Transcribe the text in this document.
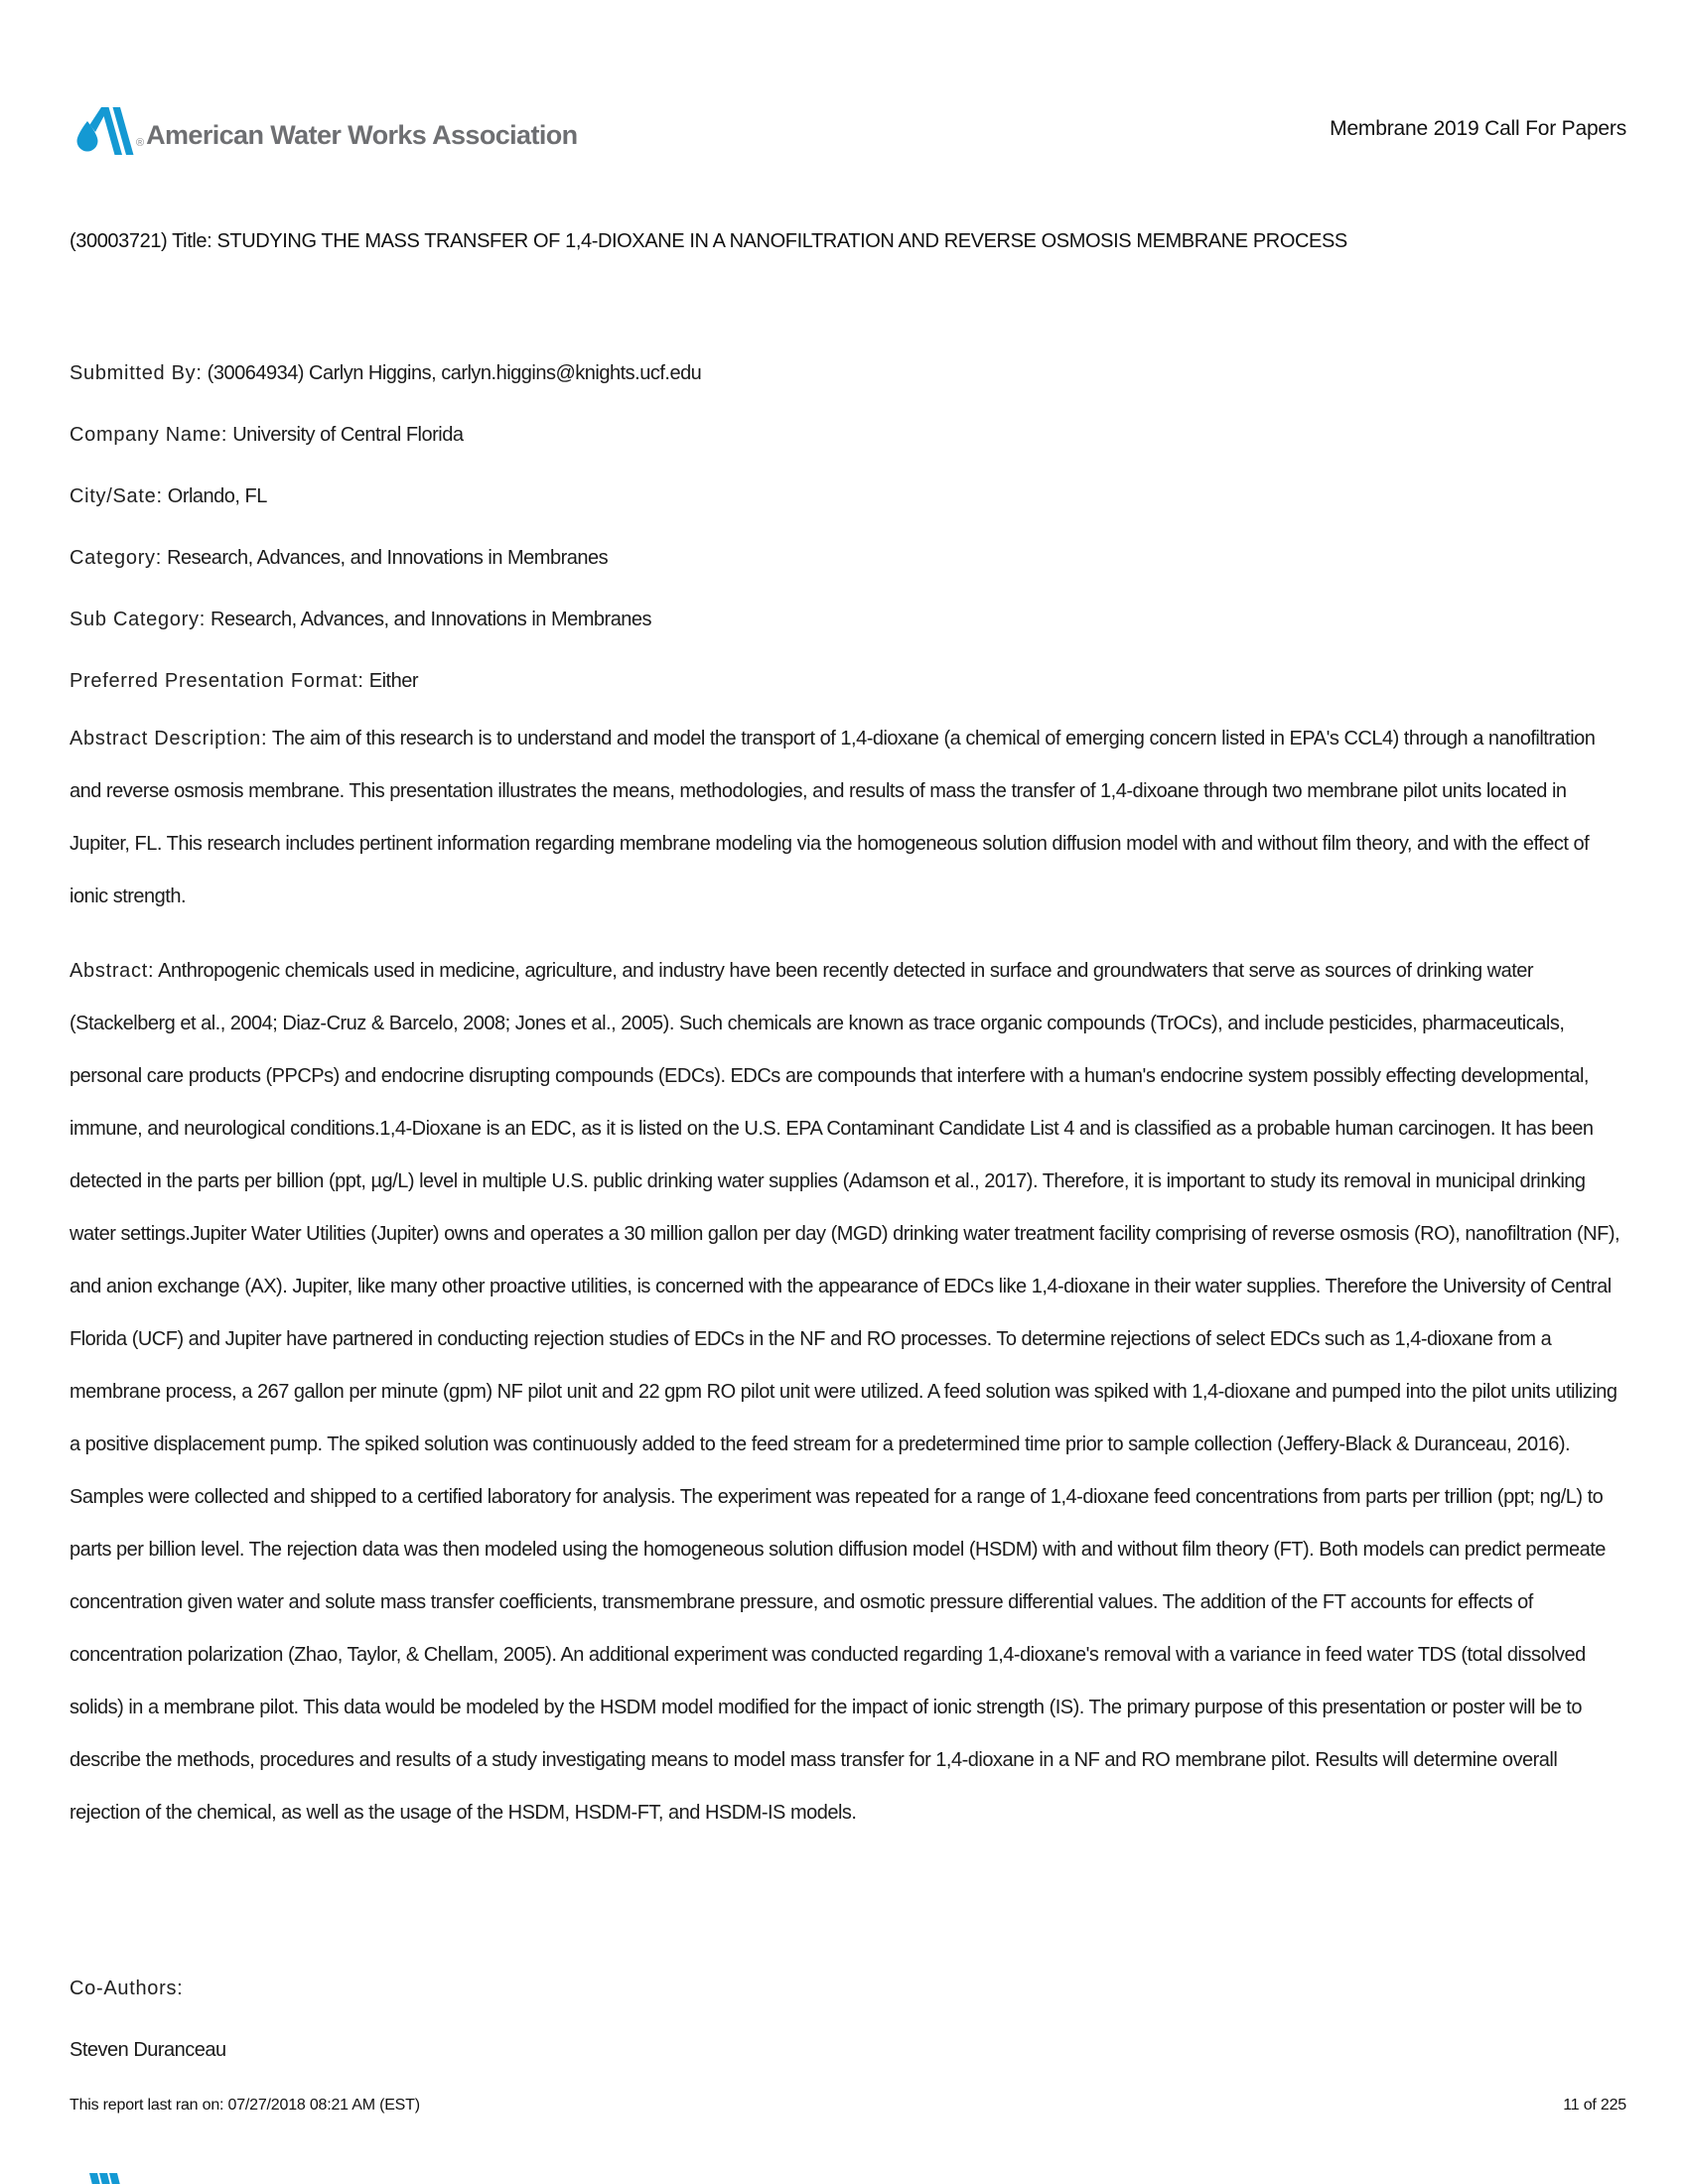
® American Water Works Association	Membrane 2019 Call For Papers
(30003721) Title: STUDYING THE MASS TRANSFER OF 1,4-DIOXANE IN A NANOFILTRATION AND REVERSE OSMOSIS MEMBRANE PROCESS
Submitted By: (30064934) Carlyn Higgins, carlyn.higgins@knights.ucf.edu
Company Name: University of Central Florida
City/Sate: Orlando, FL
Category: Research, Advances, and Innovations in Membranes
Sub Category: Research, Advances, and Innovations in Membranes
Preferred Presentation Format: Either
Abstract Description: The aim of this research is to understand and model the transport of 1,4-dioxane (a chemical of emerging concern listed in EPA's CCL4) through a nanofiltration and reverse osmosis membrane. This presentation illustrates the means, methodologies, and results of mass the transfer of 1,4-dixoane through two membrane pilot units located in Jupiter, FL. This research includes pertinent information regarding membrane modeling via the homogeneous solution diffusion model with and without film theory, and with the effect of ionic strength.
Abstract: Anthropogenic chemicals used in medicine, agriculture, and industry have been recently detected in surface and groundwaters that serve as sources of drinking water (Stackelberg et al., 2004; Diaz-Cruz & Barcelo, 2008; Jones et al., 2005). Such chemicals are known as trace organic compounds (TrOCs), and include pesticides, pharmaceuticals, personal care products (PPCPs) and endocrine disrupting compounds (EDCs). EDCs are compounds that interfere with a human's endocrine system possibly effecting developmental, immune, and neurological conditions.1,4-Dioxane is an EDC, as it is listed on the U.S. EPA Contaminant Candidate List 4 and is classified as a probable human carcinogen. It has been detected in the parts per billion (ppt, µg/L) level in multiple U.S. public drinking water supplies (Adamson et al., 2017). Therefore, it is important to study its removal in municipal drinking water settings.Jupiter Water Utilities (Jupiter) owns and operates a 30 million gallon per day (MGD) drinking water treatment facility comprising of reverse osmosis (RO), nanofiltration (NF), and anion exchange (AX). Jupiter, like many other proactive utilities, is concerned with the appearance of EDCs like 1,4-dioxane in their water supplies. Therefore the University of Central Florida (UCF) and Jupiter have partnered in conducting rejection studies of EDCs in the NF and RO processes. To determine rejections of select EDCs such as 1,4-dioxane from a membrane process, a 267 gallon per minute (gpm) NF pilot unit and 22 gpm RO pilot unit were utilized. A feed solution was spiked with 1,4-dioxane and pumped into the pilot units utilizing a positive displacement pump. The spiked solution was continuously added to the feed stream for a predetermined time prior to sample collection (Jeffery-Black & Duranceau, 2016). Samples were collected and shipped to a certified laboratory for analysis. The experiment was repeated for a range of 1,4-dioxane feed concentrations from parts per trillion (ppt; ng/L) to parts per billion level. The rejection data was then modeled using the homogeneous solution diffusion model (HSDM) with and without film theory (FT). Both models can predict permeate concentration given water and solute mass transfer coefficients, transmembrane pressure, and osmotic pressure differential values. The addition of the FT accounts for effects of concentration polarization (Zhao, Taylor, & Chellam, 2005). An additional experiment was conducted regarding 1,4-dioxane's removal with a variance in feed water TDS (total dissolved solids) in a membrane pilot. This data would be modeled by the HSDM model modified for the impact of ionic strength (IS). The primary purpose of this presentation or poster will be to describe the methods, procedures and results of a study investigating means to model mass transfer for 1,4-dioxane in a NF and RO membrane pilot. Results will determine overall rejection of the chemical, as well as the usage of the HSDM, HSDM-FT, and HSDM-IS models.
Co-Authors:
Steven Duranceau
This report last ran on: 07/27/2018 08:21 AM (EST)	11 of 225
